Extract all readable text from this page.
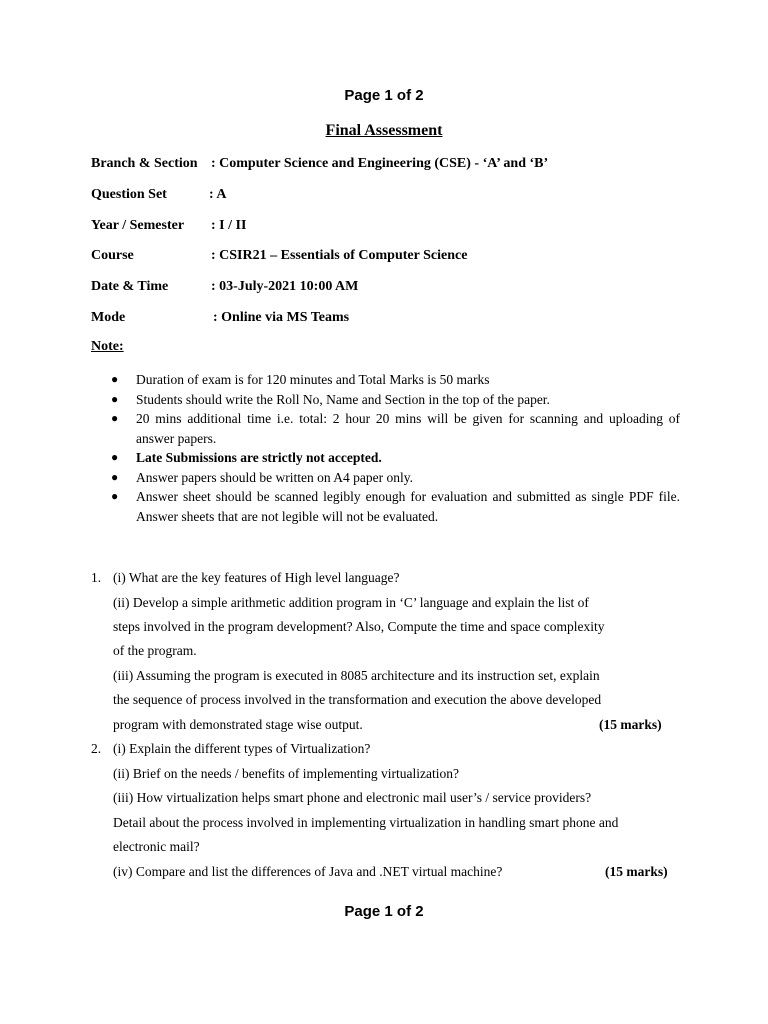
Page 1 of 2
Final Assessment
Branch & Section : Computer Science and Engineering (CSE) - ‘A’ and ‘B’
Question Set	: A
Year / Semester : I / II
Course	: CSIR21 – Essentials of Computer Science
Date & Time	: 03-July-2021 10:00 AM
Mode	: Online via MS Teams
Note:
● Duration of exam is for 120 minutes and Total Marks is 50 marks
● Students should write the Roll No, Name and Section in the top of the paper.
● 20 mins additional time i.e. total: 2 hour 20 mins will be given for scanning and uploading of answer papers.
● Late Submissions are strictly not accepted.
● Answer papers should be written on A4 paper only.
● Answer sheet should be scanned legibly enough for evaluation and submitted as single PDF file. Answer sheets that are not legible will not be evaluated.
1. (i) What are the key features of High level language?
(ii) Develop a simple arithmetic addition program in ‘C’ language and explain the list of
steps involved in the program development? Also, Compute the time and space complexity
of the program.
(iii) Assuming the program is executed in 8085 architecture and its instruction set, explain
the sequence of process involved in the transformation and execution the above developed
program with demonstrated stage wise output.	(15 marks)
2. (i) Explain the different types of Virtualization?
(ii) Brief on the needs / benefits of implementing virtualization?
(iii) How virtualization helps smart phone and electronic mail user’s / service providers?
Detail about the process involved in implementing virtualization in handling smart phone and
electronic mail?
(iv) Compare and list the differences of Java and .NET virtual machine?	(15 marks)
Page 1 of 2
